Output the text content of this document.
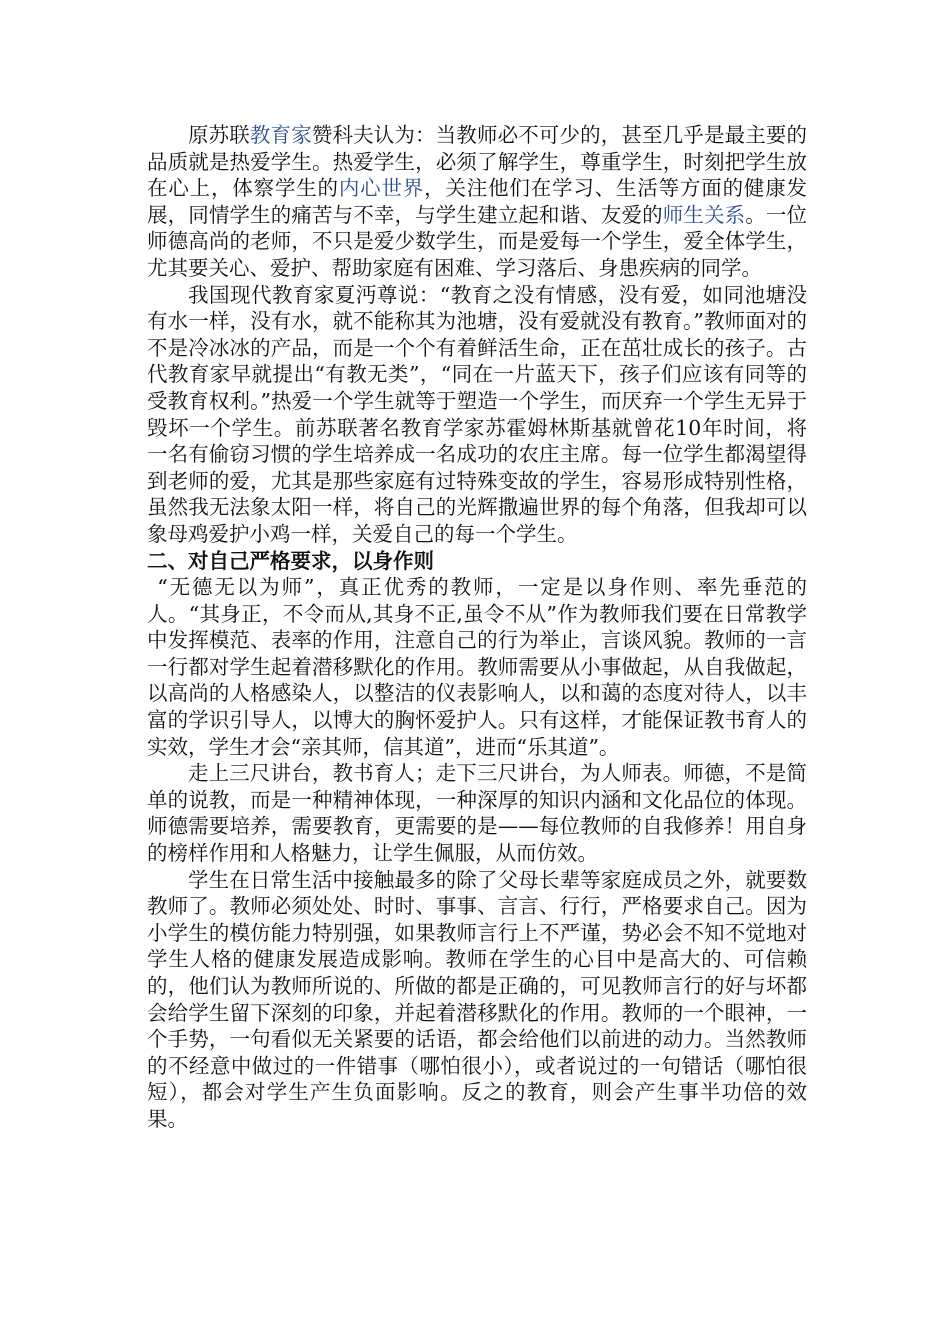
原苏联教育家赞科夫认为：当教师必不可少的，甚至几乎是最主要的品质就是热爱学生。热爱学生，必须了解学生，尊重学生，时刻把学生放在心上，体察学生的内心世界，关注他们在学习、生活等方面的健康发展，同情学生的痛苦与不幸，与学生建立起和谐、友爱的师生关系。一位师德高尚的老师，不只是爱少数学生，而是爱每一个学生，爱全体学生，尤其要关心、爱护、帮助家庭有困难、学习落后、身患疾病的同学。

我国现代教育家夏沔尊说：“教育之没有情感，没有爱，如同池塘没有水一样，没有水，就不能称其为池塘，没有爱就没有教育。”教师面对的不是冷冰冰的产品，而是一个个有着鲜活生命，正在茁壮成长的孩子。古代教育家早就提出“有教无类”，“同在一片蓝天下，孩子们应该有同等的受教育权利。”热爱一个学生就等于塑造一个学生，而厌弃一个学生无异于毁坏一个学生。前苏联著名教育学家苏霍姆林斯基就曾花10年时间，将一名有偷窃习惯的学生培养成一名成功的农庄主席。每一位学生都渴望得到老师的爱，尤其是那些家庭有过特殊变故的学生，容易形成特别性格，虽然我无法象太阳一样，将自己的光辉撒遍世界的每个角落，但我却可以象母鸡爱护小鸡一样，关爱自己的每一个学生。

二、对自己严格要求，以身作则

“无德无以为师”，真正优秀的教师，一定是以身作则、率先垂范的人。“其身正，不令而从,其身不正,虽令不从”作为教师我们要在日常教学中发挥模范、表率的作用，注意自己的行为举止，言谈风貌。教师的一言一行都对学生起着潜移默化的作用。教师需要从小事做起，从自我做起，以高尚的人格感染人，以整洁的仪表影响人，以和蔼的态度对待人，以丰富的学识引导人，以博大的胸怀爱护人。只有这样，才能保证教书育人的实效，学生才会“亲其师，信其道”，进而“乐其道”。

走上三尺讲台，教书育人；走下三尺讲台，为人师表。师德，不是简单的说教，而是一种精神体现，一种深厚的知识内涵和文化品位的体现。师德需要培养，需要教育，更需要的是——每位教师的自我修养！用自身的榜样作用和人格魅力，让学生佩服，从而仿效。

学生在日常生活中接触最多的除了父母长辈等家庭成员之外，就要数教师了。教师必须处处、时时、事事、言言、行行，严格要求自己。因为小学生的模仿能力特别强，如果教师言行上不严谨，势必会不知不觉地对学生人格的健康发展造成影响。教师在学生的心目中是高大的、可信赖的，他们认为教师所说的、所做的都是正确的，可见教师言行的好与坏都会给学生留下深刻的印象，并起着潜移默化的作用。教师的一个眼神，一个手势，一句看似无关紧要的话语，都会给他们以前进的动力。当然教师的不经意中做过的一件错事（哪怕很小），或者说过的一句错话（哪怕很短），都会对学生产生负面影响。反之的教育，则会产生事半功倍的效果。
